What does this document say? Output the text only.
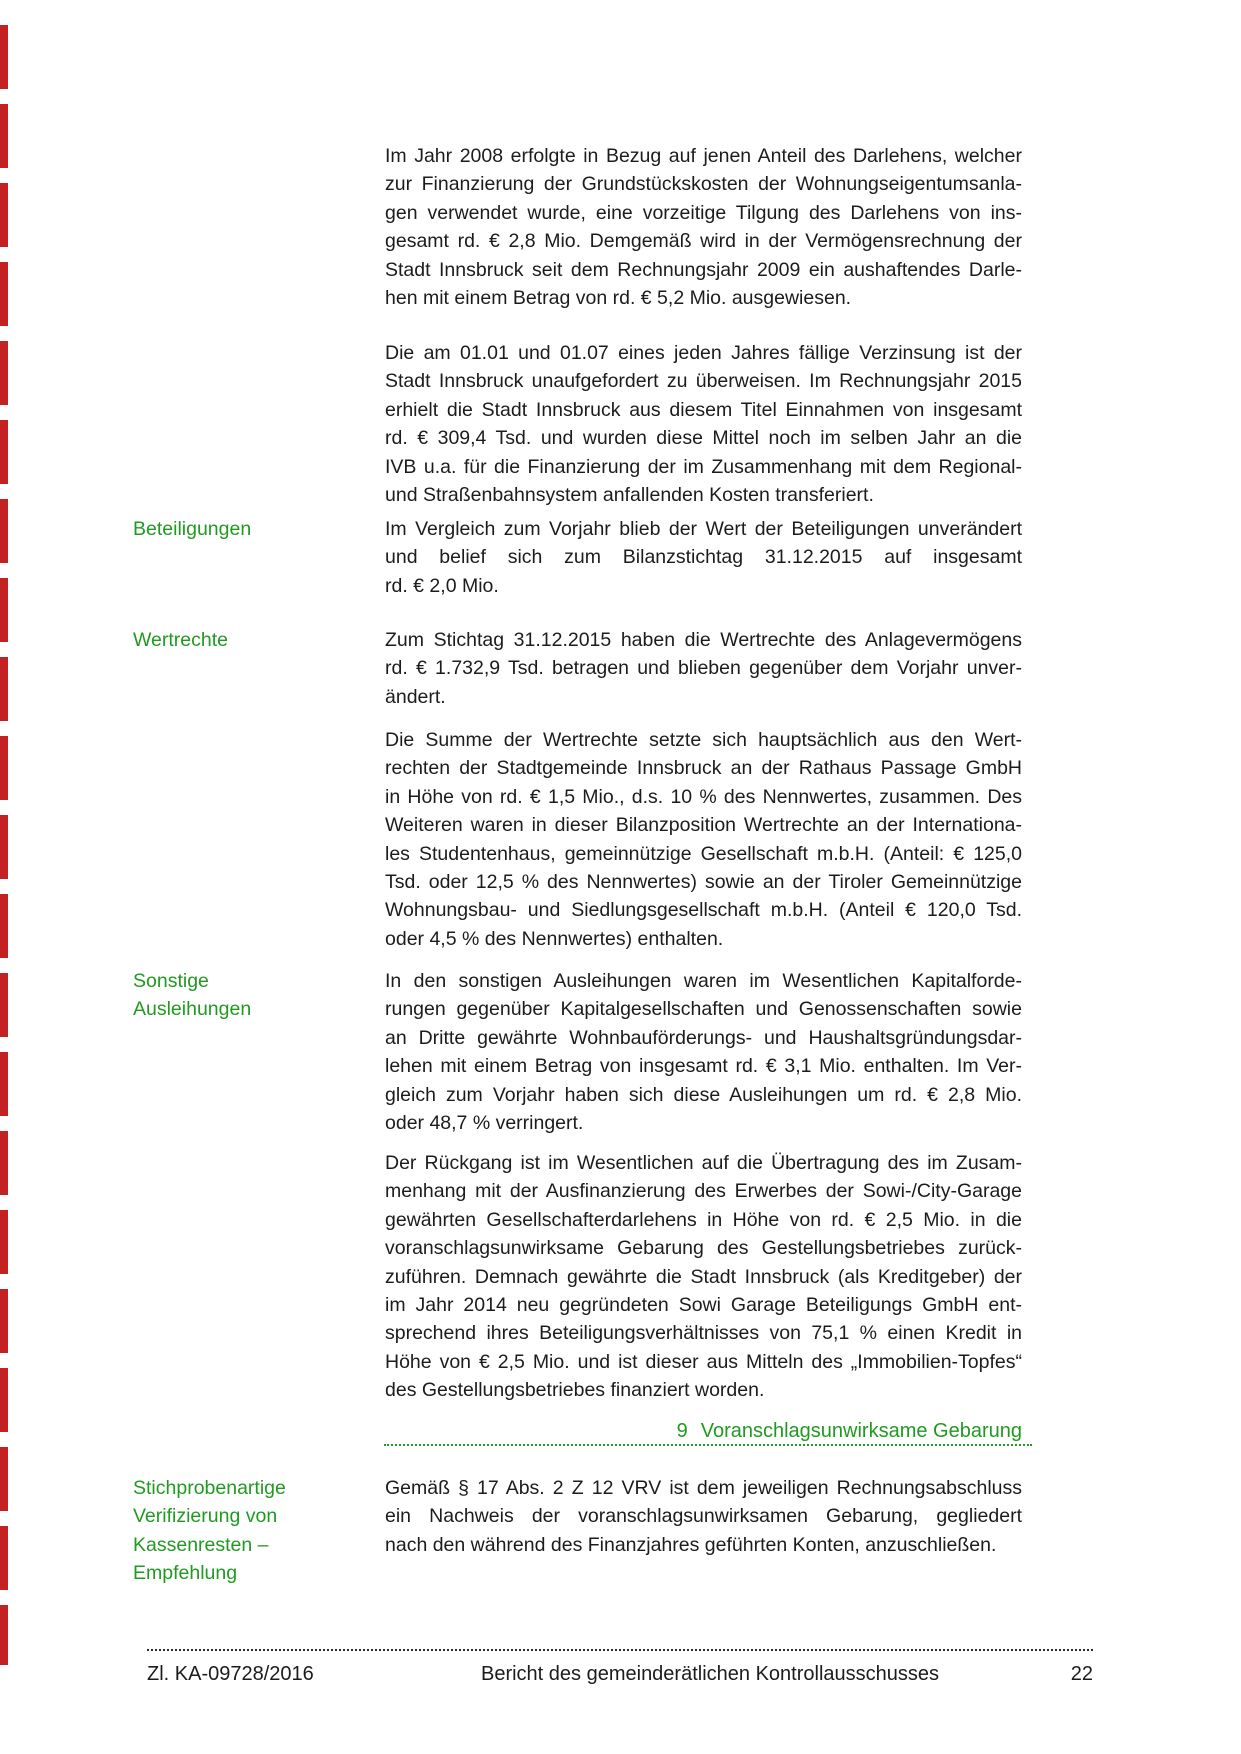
Im Jahr 2008 erfolgte in Bezug auf jenen Anteil des Darlehens, welcher
zur Finanzierung der Grundstückskosten der Wohnungseigentumsanla-
gen verwendet wurde, eine vorzeitige Tilgung des Darlehens von ins-
gesamt rd. € 2,8 Mio. Demgemäß wird in der Vermögensrechnung der
Stadt Innsbruck seit dem Rechnungsjahr 2009 ein aushaftendes Darle-
hen mit einem Betrag von rd. € 5,2 Mio. ausgewiesen.
Die am 01.01 und 01.07 eines jeden Jahres fällige Verzinsung ist der
Stadt Innsbruck unaufgefordert zu überweisen. Im Rechnungsjahr 2015
erhielt die Stadt Innsbruck aus diesem Titel Einnahmen von insgesamt
rd. € 309,4 Tsd. und wurden diese Mittel noch im selben Jahr an die
IVB u.a. für die Finanzierung der im Zusammenhang mit dem Regional-
und Straßenbahnsystem anfallenden Kosten transferiert.
Beteiligungen	Im Vergleich zum Vorjahr blieb der Wert der Beteiligungen unverändert
und belief sich zum Bilanzstichtag 31.12.2015 auf insgesamt
rd. € 2,0 Mio.
Wertrechte	Zum Stichtag 31.12.2015 haben die Wertrechte des Anlagevermögens
rd. € 1.732,9 Tsd. betragen und blieben gegenüber dem Vorjahr unver-
ändert.
Die Summe der Wertrechte setzte sich hauptsächlich aus den Wert-
rechten der Stadtgemeinde Innsbruck an der Rathaus Passage GmbH
in Höhe von rd. € 1,5 Mio., d.s. 10 % des Nennwertes, zusammen. Des
Weiteren waren in dieser Bilanzposition Wertrechte an der Internationa-
les Studentenhaus, gemeinnützige Gesellschaft m.b.H. (Anteil: € 125,0
Tsd. oder 12,5 % des Nennwertes) sowie an der Tiroler Gemeinnützige
Wohnungsbau- und Siedlungsgesellschaft m.b.H. (Anteil € 120,0 Tsd.
oder 4,5 % des Nennwertes) enthalten.
Sonstige
Ausleihungen
In den sonstigen Ausleihungen waren im Wesentlichen Kapitalforde-
rungen gegenüber Kapitalgesellschaften und Genossenschaften sowie
an Dritte gewährte Wohnbauförderungs- und Haushaltsgründungsdar-
lehen mit einem Betrag von insgesamt rd. € 3,1 Mio. enthalten. Im Ver-
gleich zum Vorjahr haben sich diese Ausleihungen um rd. € 2,8 Mio.
oder 48,7 % verringert.
Der Rückgang ist im Wesentlichen auf die Übertragung des im Zusam-
menhang mit der Ausfinanzierung des Erwerbes der Sowi-/City-Garage
gewährten Gesellschafterdarlehens in Höhe von rd. € 2,5 Mio. in die
voranschlagsunwirksame Gebarung des Gestellungsbetriebes zurück-
zuführen. Demnach gewährte die Stadt Innsbruck (als Kreditgeber) der
im Jahr 2014 neu gegründeten Sowi Garage Beteiligungs GmbH ent-
sprechend ihres Beteiligungsverhältnisses von 75,1 % einen Kredit in
Höhe von € 2,5 Mio. und ist dieser aus Mitteln des „Immobilien-Topfes“
des Gestellungsbetriebes finanziert worden.
Stichprobenartige
Verifizierung von
Kassenresten –
Empfehlung
Gemäß § 17 Abs. 2 Z 12 VRV ist dem jeweiligen Rechnungsabschluss
ein Nachweis der voranschlagsunwirksamen Gebarung, gegliedert
nach den während des Finanzjahres geführten Konten, anzuschließen.
9 Voranschlagsunwirksame Gebarung
Zl. KA-09728/2016	Bericht des gemeinderätlichen Kontrollausschusses	22
